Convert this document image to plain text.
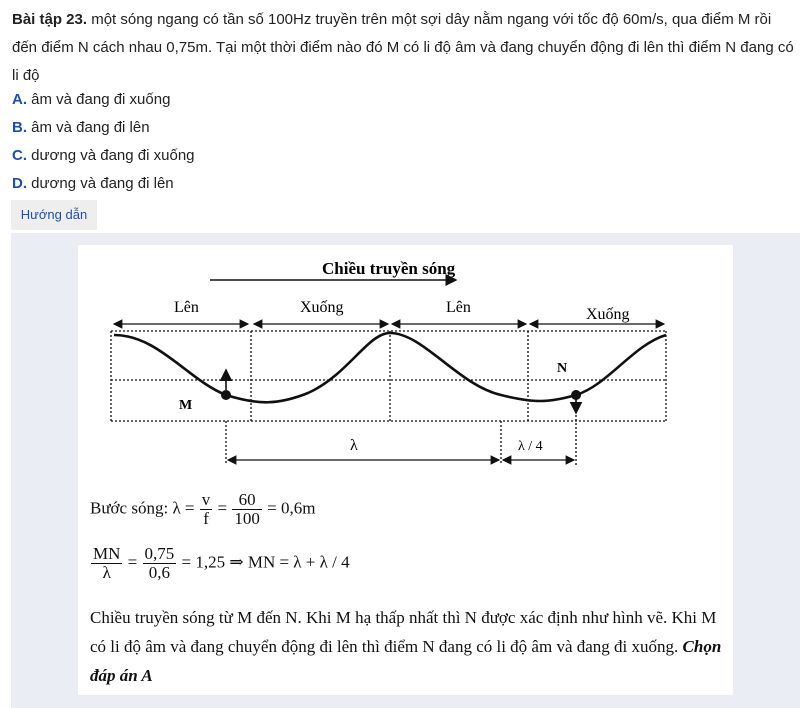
Bài tập 23. một sóng ngang có tần số 100Hz truyền trên một sợi dây nằm ngang với tốc độ 60m/s, qua điểm M rồi đến điểm N cách nhau 0,75m. Tại một thời điểm nào đó M có li độ âm và đang chuyển động đi lên thì điểm N đang có li độ
A. âm và đang đi xuống
B. âm và đang đi lên
C. dương và đang đi xuống
D. dương và đang đi lên
Hướng dẫn
Chiều truyền sóng
Lên	Xuống	Lên	Xuống
M
N
λ	λ / 4
Bước sóng: $\lambda = \frac{v}{f} = \frac{60}{100} = 0,6m$
$\frac{MN}{\lambda} = \frac{0,75}{0,6} = 1,25$ ⇒ MN = λ + λ / 4
Chiều truyền sóng từ M đến N. Khi M hạ thấp nhất thì N được xác định như hình vẽ. Khi M có li độ âm và đang chuyển động đi lên thì điểm N đang có li độ âm và đang đi xuống. Chọn đáp án A
